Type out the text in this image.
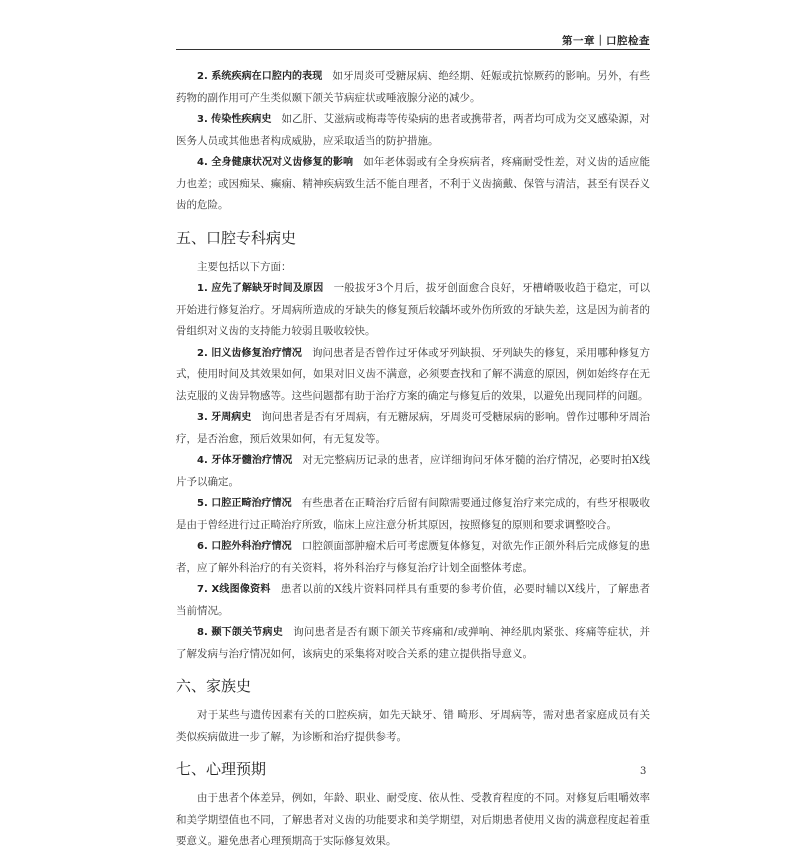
第一章｜口腔检查

2. 系统疾病在口腔内的表现 如牙周炎可受糖尿病、绝经期、妊娠或抗惊厥药的影响。另外，有些药物的副作用可产生类似颞下颌关节病症状或唾液腺分泌的减少。

3. 传染性疾病史 如乙肝、艾滋病或梅毒等传染病的患者或携带者，两者均可成为交叉感染源，对医务人员或其他患者构成威胁，应采取适当的防护措施。

4. 全身健康状况对义齿修复的影响 如年老体弱或有全身疾病者，疼痛耐受性差，对义齿的适应能力也差；或因痴呆、癫痫、精神疾病致生活不能自理者，不利于义齿摘戴、保管与清洁，甚至有误吞义齿的危险。

五、口腔专科病史

主要包括以下方面：

1. 应先了解缺牙时间及原因 一般拔牙3个月后，拔牙创面愈合良好，牙槽嵴吸收趋于稳定，可以开始进行修复治疗。牙周病所造成的牙缺失的修复预后较龋坏或外伤所致的牙缺失差，这是因为前者的骨组织对义齿的支持能力较弱且吸收较快。

2. 旧义齿修复治疗情况 询问患者是否曾作过牙体或牙列缺损、牙列缺失的修复，采用哪种修复方式，使用时间及其效果如何，如果对旧义齿不满意，必须要查找和了解不满意的原因，例如始终存在无法克服的义齿异物感等。这些问题都有助于治疗方案的确定与修复后的效果，以避免出现同样的问题。

3. 牙周病史 询问患者是否有牙周病，有无糖尿病，牙周炎可受糖尿病的影响。曾作过哪种牙周治疗，是否治愈，预后效果如何，有无复发等。

4. 牙体牙髓治疗情况 对无完整病历记录的患者，应详细询问牙体牙髓的治疗情况，必要时拍X线片予以确定。

5. 口腔正畸治疗情况 有些患者在正畸治疗后留有间隙需要通过修复治疗来完成的，有些牙根吸收是由于曾经进行过正畸治疗所致，临床上应注意分析其原因，按照修复的原则和要求调整咬合。

6. 口腔外科治疗情况 口腔颌面部肿瘤术后可考虑赝复体修复，对欲先作正颌外科后完成修复的患者，应了解外科治疗的有关资料，将外科治疗与修复治疗计划全面整体考虑。

7. X线图像资料 患者以前的X线片资料同样具有重要的参考价值，必要时辅以X线片，了解患者当前情况。

8. 颞下颌关节病史 询问患者是否有颞下颌关节疼痛和/或弹响、神经肌肉紧张、疼痛等症状，并了解发病与治疗情况如何，该病史的采集将对咬合关系的建立提供指导意义。

六、家族史

对于某些与遗传因素有关的口腔疾病，如先天缺牙、错 畸形、牙周病等，需对患者家庭成员有关类似疾病做进一步了解，为诊断和治疗提供参考。

七、心理预期

由于患者个体差异，例如，年龄、职业、耐受度、依从性、受教育程度的不同。对修复后咀嚼效率和美学期望值也不同，了解患者对义齿的功能要求和美学期望，对后期患者使用义齿的满意程度起着重要意义。避免患者心理预期高于实际修复效果。

3
